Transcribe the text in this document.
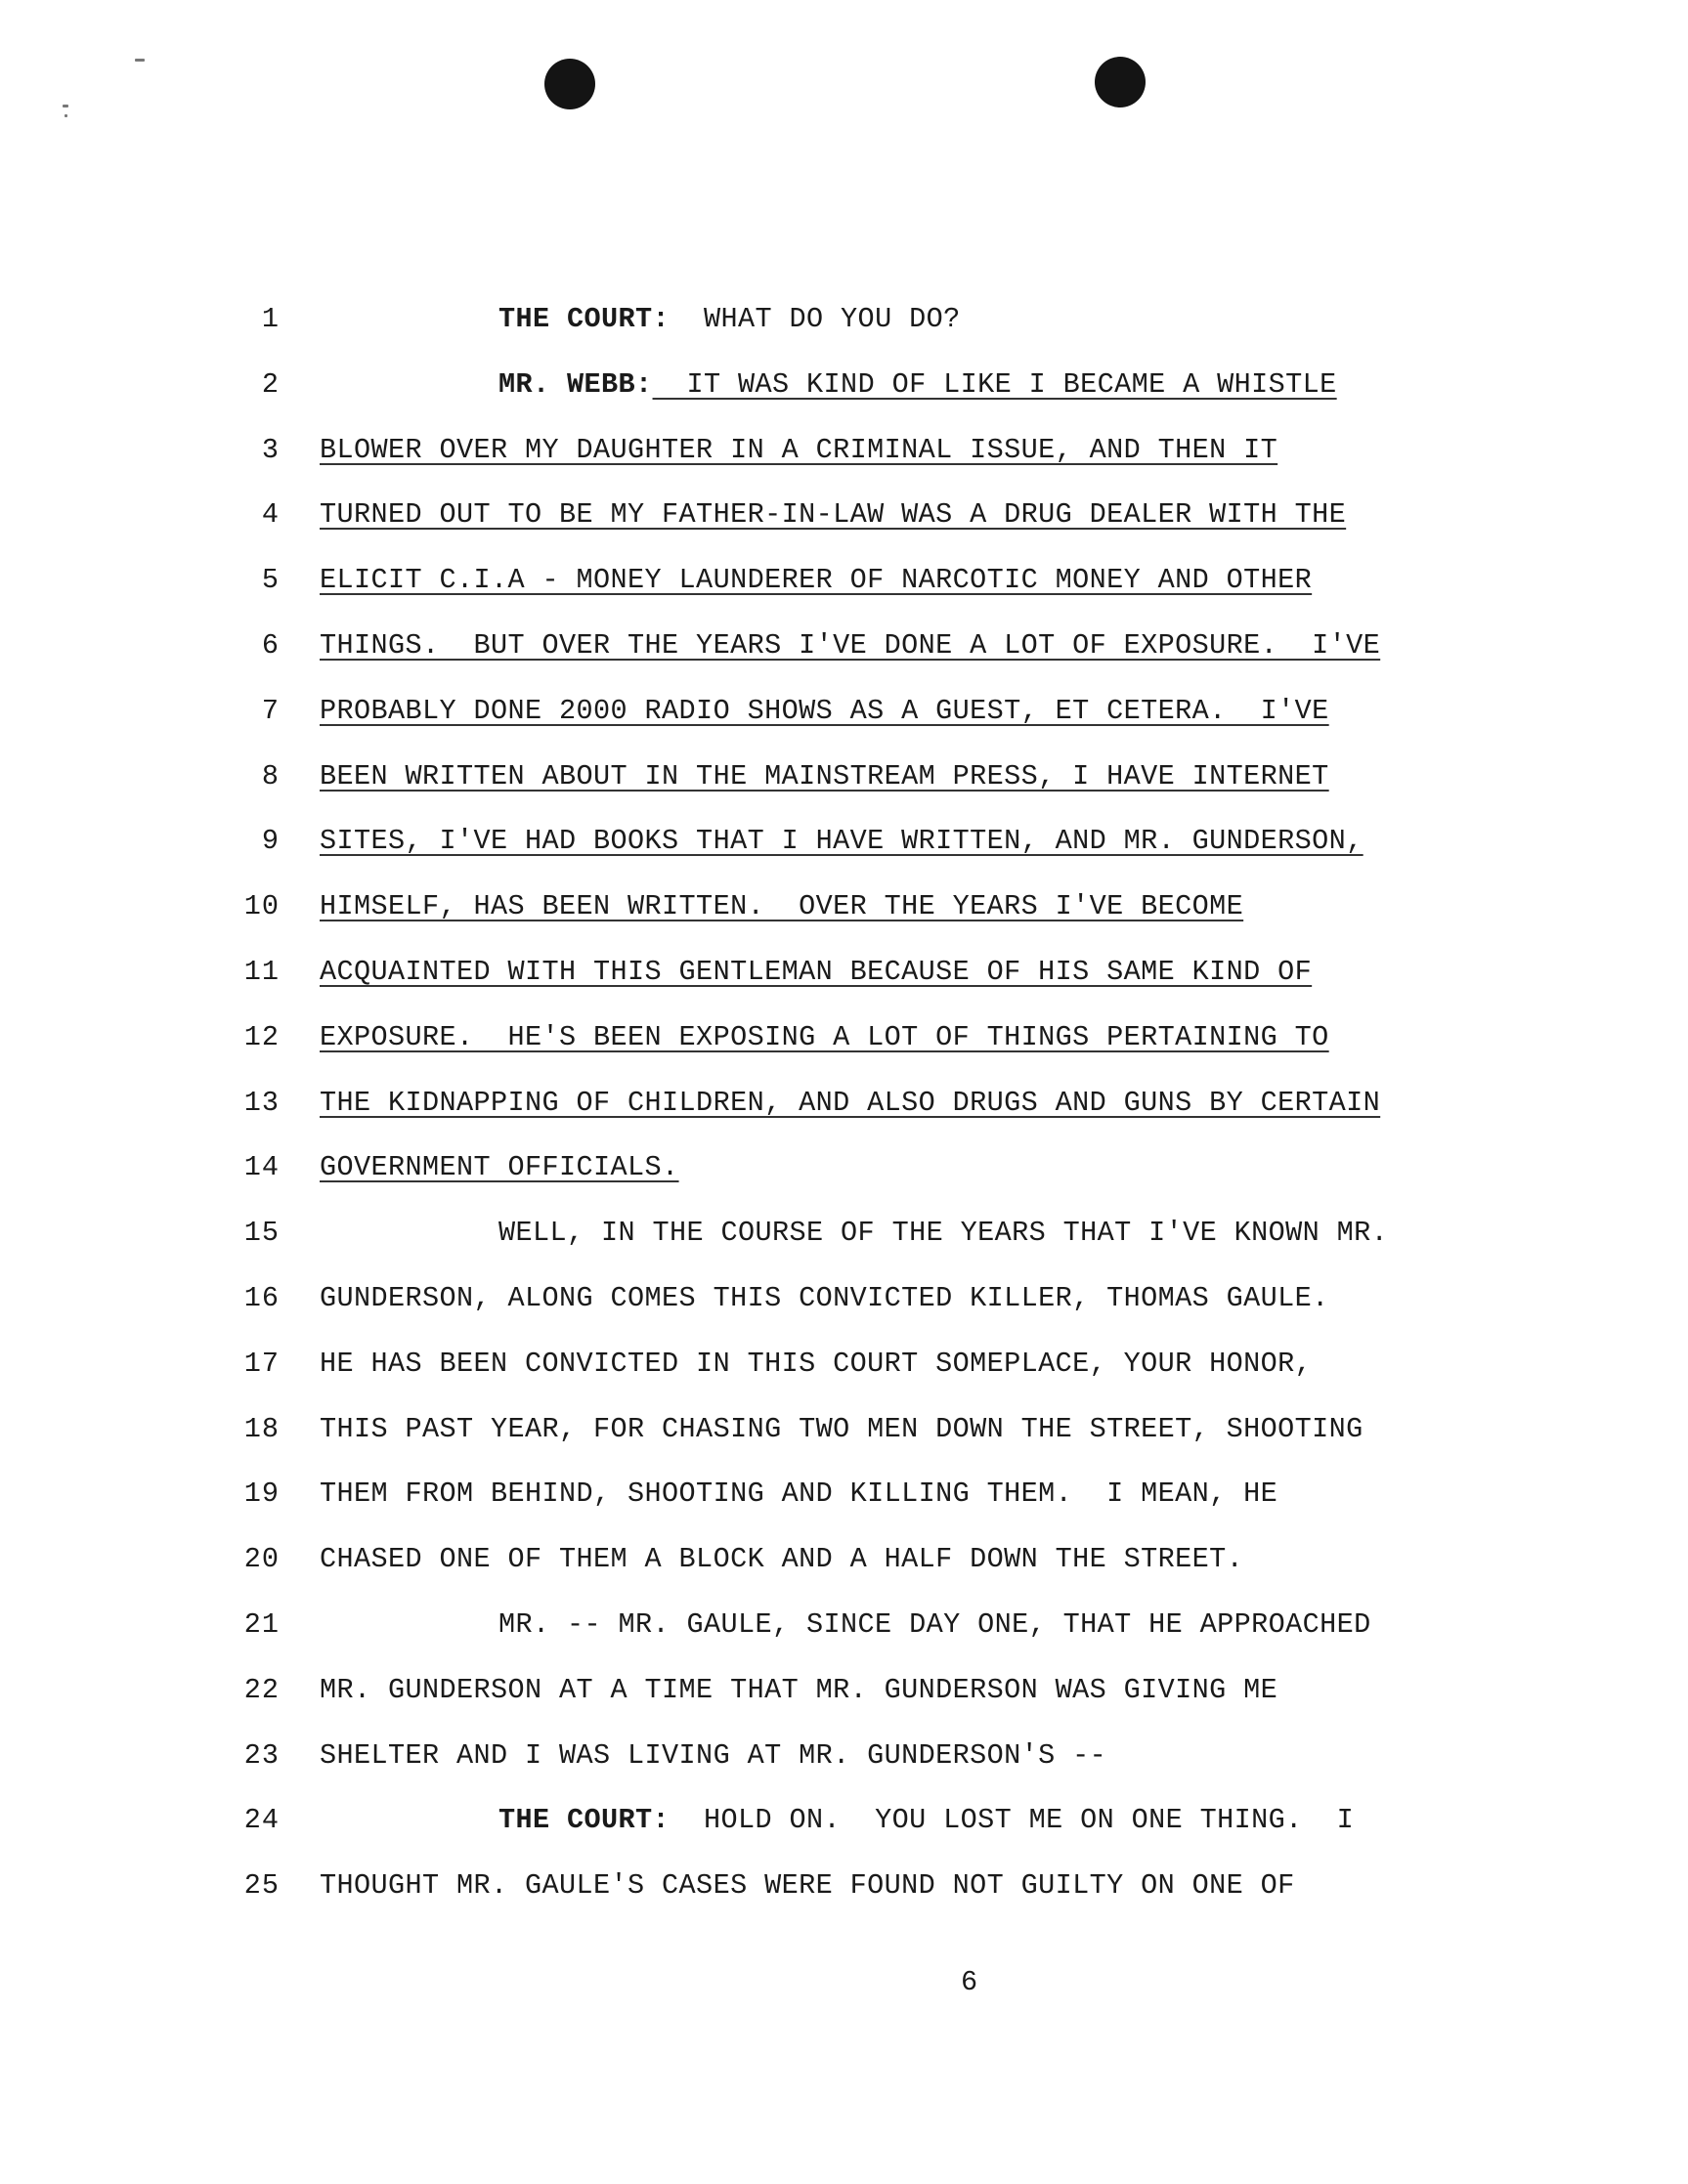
1	THE COURT:  WHAT DO YOU DO?
2	MR. WEBB:  IT WAS KIND OF LIKE I BECAME A WHISTLE
3 BLOWER OVER MY DAUGHTER IN A CRIMINAL ISSUE, AND THEN IT
4 TURNED OUT TO BE MY FATHER-IN-LAW WAS A DRUG DEALER WITH THE
5 ELICIT C.I.A - MONEY LAUNDERER OF NARCOTIC MONEY AND OTHER
6 THINGS.  BUT OVER THE YEARS I'VE DONE A LOT OF EXPOSURE.  I'VE
7 PROBABLY DONE 2000 RADIO SHOWS AS A GUEST, ET CETERA.  I'VE
8 BEEN WRITTEN ABOUT IN THE MAINSTREAM PRESS, I HAVE INTERNET
9 SITES, I'VE HAD BOOKS THAT I HAVE WRITTEN, AND MR. GUNDERSON,
10 HIMSELF, HAS BEEN WRITTEN.  OVER THE YEARS I'VE BECOME
11 ACQUAINTED WITH THIS GENTLEMAN BECAUSE OF HIS SAME KIND OF
12 EXPOSURE.  HE'S BEEN EXPOSING A LOT OF THINGS PERTAINING TO
13 THE KIDNAPPING OF CHILDREN, AND ALSO DRUGS AND GUNS BY CERTAIN
14 GOVERNMENT OFFICIALS.
15	WELL, IN THE COURSE OF THE YEARS THAT I'VE KNOWN MR.
16 GUNDERSON, ALONG COMES THIS CONVICTED KILLER, THOMAS GAULE.
17 HE HAS BEEN CONVICTED IN THIS COURT SOMEPLACE, YOUR HONOR,
18 THIS PAST YEAR, FOR CHASING TWO MEN DOWN THE STREET, SHOOTING
19 THEM FROM BEHIND, SHOOTING AND KILLING THEM.  I MEAN, HE
20 CHASED ONE OF THEM A BLOCK AND A HALF DOWN THE STREET.
21	MR. -- MR. GAULE, SINCE DAY ONE, THAT HE APPROACHED
22 MR. GUNDERSON AT A TIME THAT MR. GUNDERSON WAS GIVING ME
23 SHELTER AND I WAS LIVING AT MR. GUNDERSON'S --
24	THE COURT:  HOLD ON.  YOU LOST ME ON ONE THING.  I
25 THOUGHT MR. GAULE'S CASES WERE FOUND NOT GUILTY ON ONE OF
6
